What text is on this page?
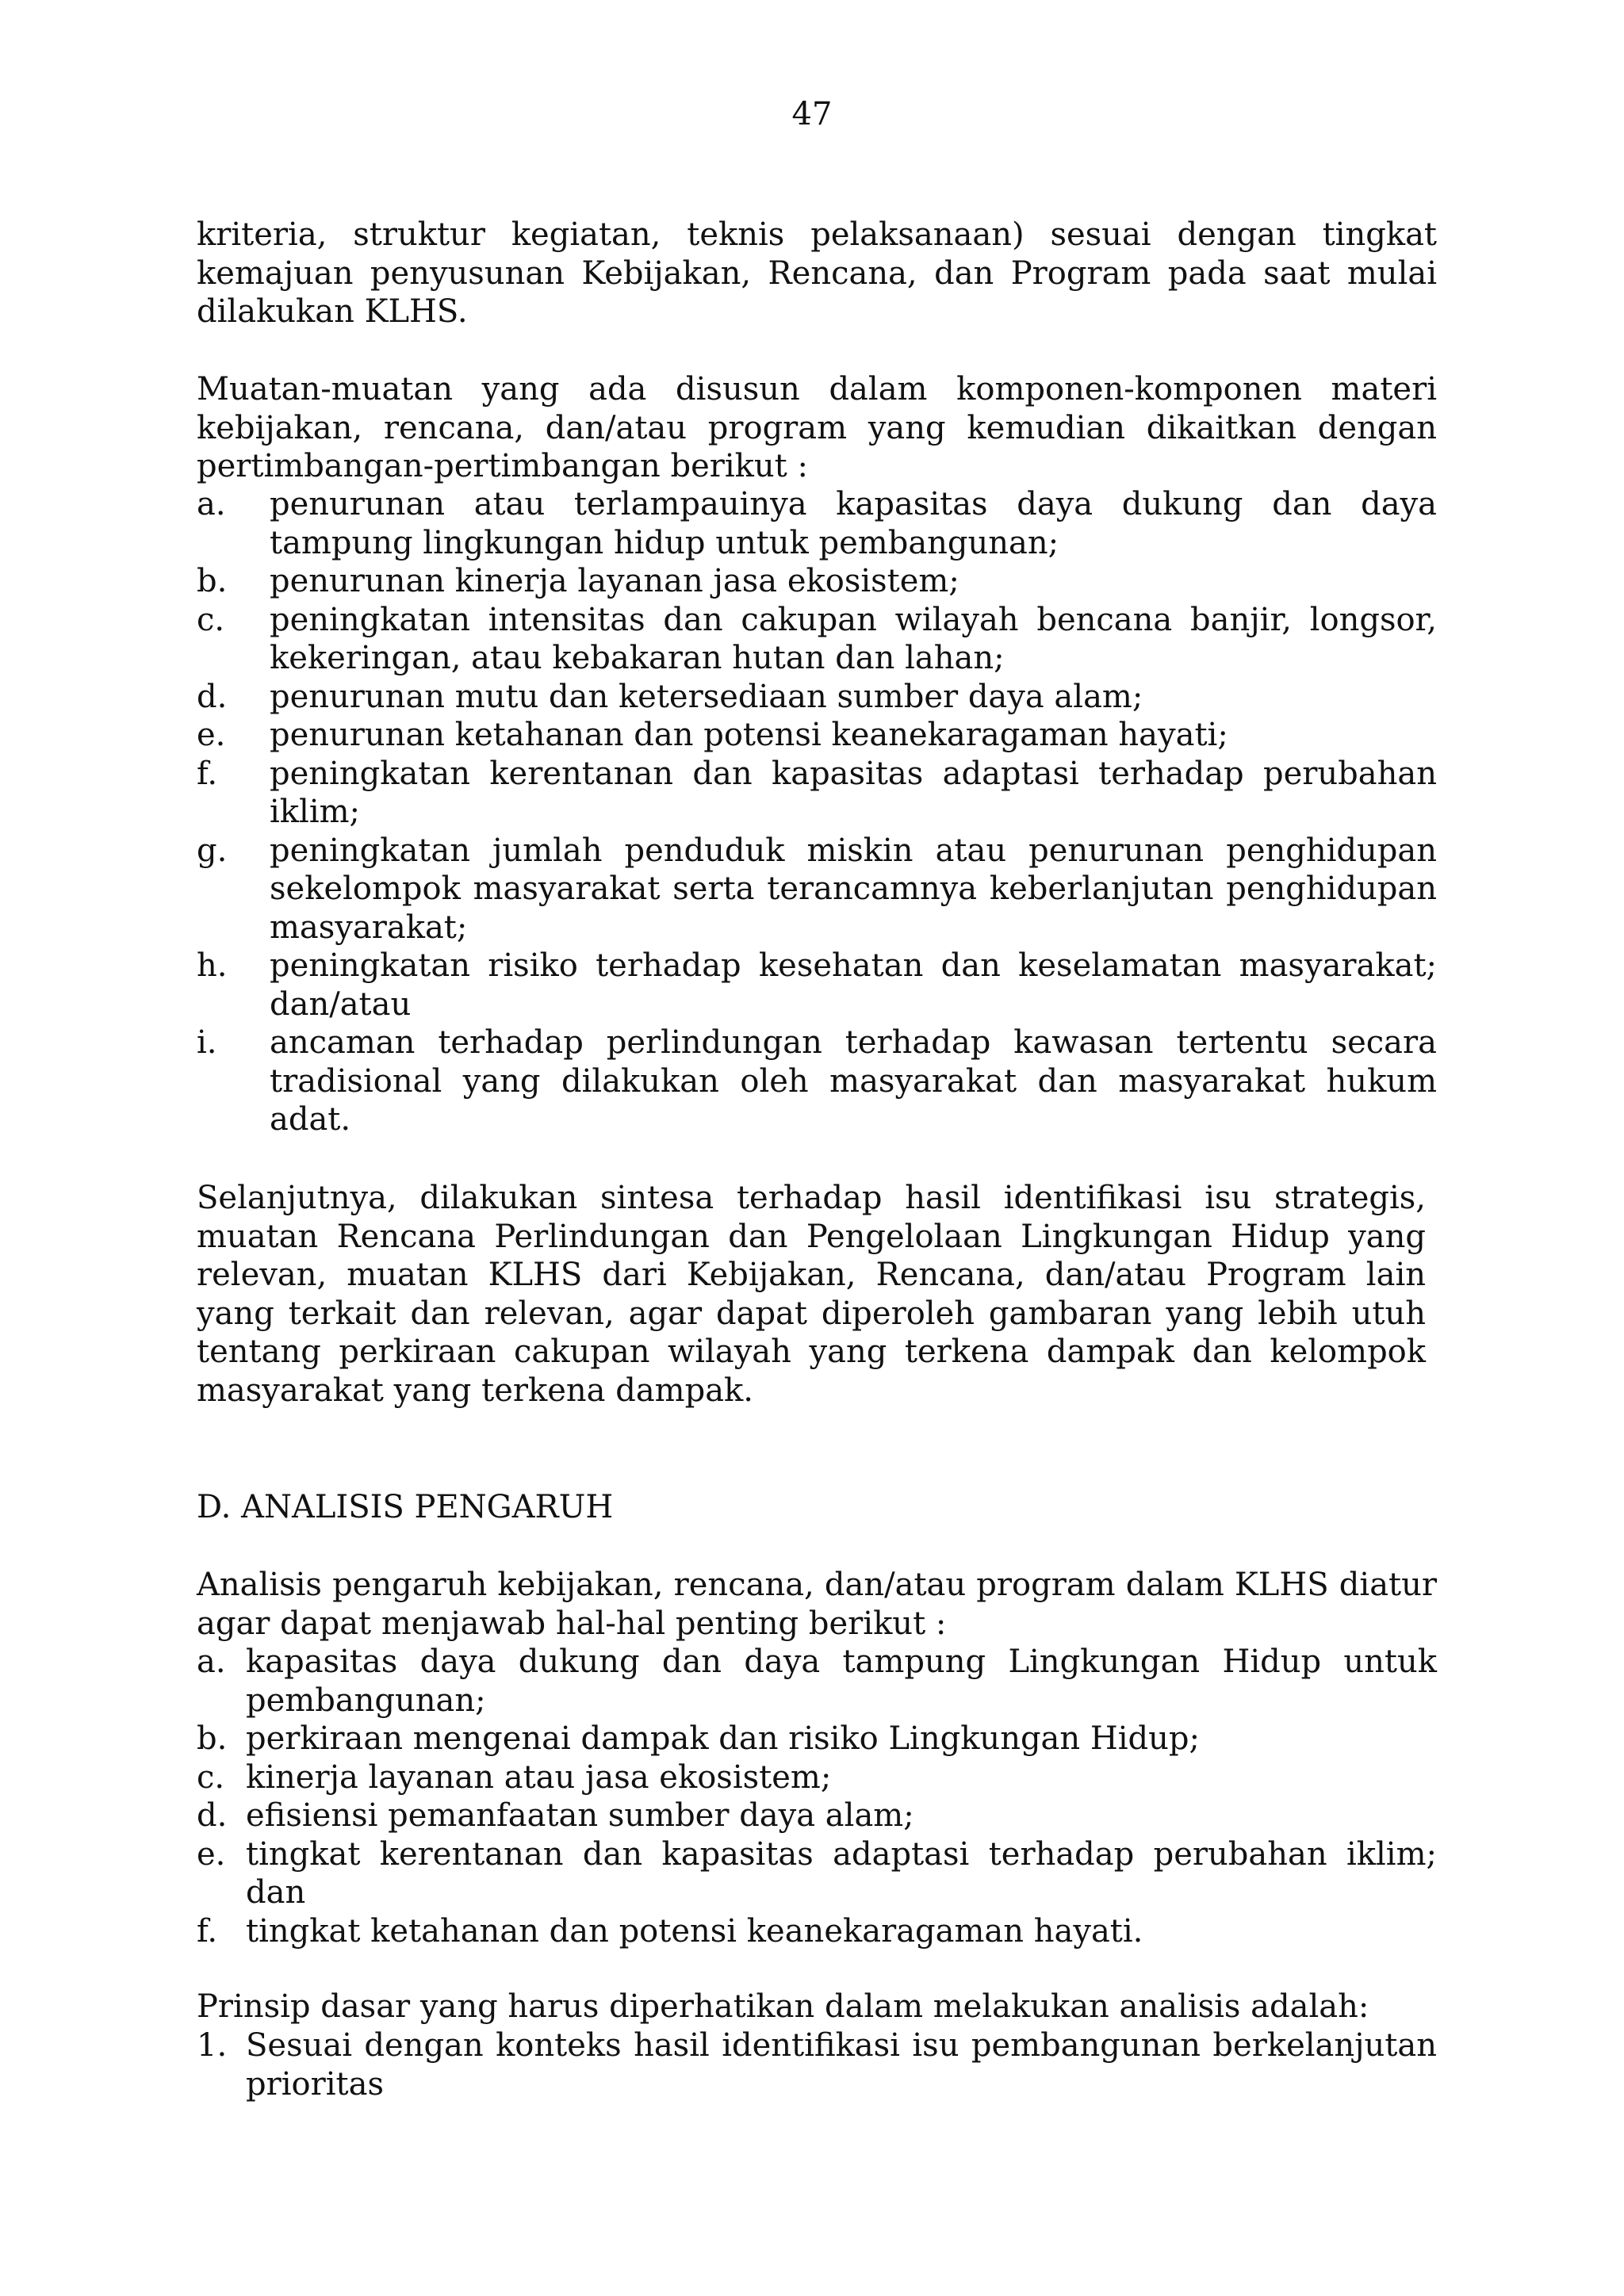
47

kriteria, struktur kegiatan, teknis pelaksanaan) sesuai dengan tingkat kemajuan penyusunan Kebijakan, Rencana, dan Program pada saat mulai dilakukan KLHS.

Muatan-muatan yang ada disusun dalam komponen-komponen materi kebijakan, rencana, dan/atau program yang kemudian dikaitkan dengan pertimbangan-pertimbangan berikut :

a. penurunan atau terlampauinya kapasitas daya dukung dan daya tampung lingkungan hidup untuk pembangunan;
b. penurunan kinerja layanan jasa ekosistem;
c. peningkatan intensitas dan cakupan wilayah bencana banjir, longsor, kekeringan, atau kebakaran hutan dan lahan;
d. penurunan mutu dan ketersediaan sumber daya alam;
e. penurunan ketahanan dan potensi keanekaragaman hayati;
f. peningkatan kerentanan dan kapasitas adaptasi terhadap perubahan iklim;
g. peningkatan jumlah penduduk miskin atau penurunan penghidupan sekelompok masyarakat serta terancamnya keberlanjutan penghidupan masyarakat;
h. peningkatan risiko terhadap kesehatan dan keselamatan masyarakat; dan/atau
i. ancaman terhadap perlindungan terhadap kawasan tertentu secara tradisional yang dilakukan oleh masyarakat dan masyarakat hukum adat.

Selanjutnya, dilakukan sintesa terhadap hasil identifikasi isu strategis, muatan Rencana Perlindungan dan Pengelolaan Lingkungan Hidup yang relevan, muatan KLHS dari Kebijakan, Rencana, dan/atau Program lain yang terkait dan relevan, agar dapat diperoleh gambaran yang lebih utuh tentang perkiraan cakupan wilayah yang terkena dampak dan kelompok masyarakat yang terkena dampak.

D. ANALISIS PENGARUH

Analisis pengaruh kebijakan, rencana, dan/atau program dalam KLHS diatur agar dapat menjawab hal-hal penting berikut :

a. kapasitas daya dukung dan daya tampung Lingkungan Hidup untuk pembangunan;
b. perkiraan mengenai dampak dan risiko Lingkungan Hidup;
c. kinerja layanan atau jasa ekosistem;
d. efisiensi pemanfaatan sumber daya alam;
e. tingkat kerentanan dan kapasitas adaptasi terhadap perubahan iklim; dan
f. tingkat ketahanan dan potensi keanekaragaman hayati.

Prinsip dasar yang harus diperhatikan dalam melakukan analisis adalah:

1. Sesuai dengan konteks hasil identifikasi isu pembangunan berkelanjutan prioritas
